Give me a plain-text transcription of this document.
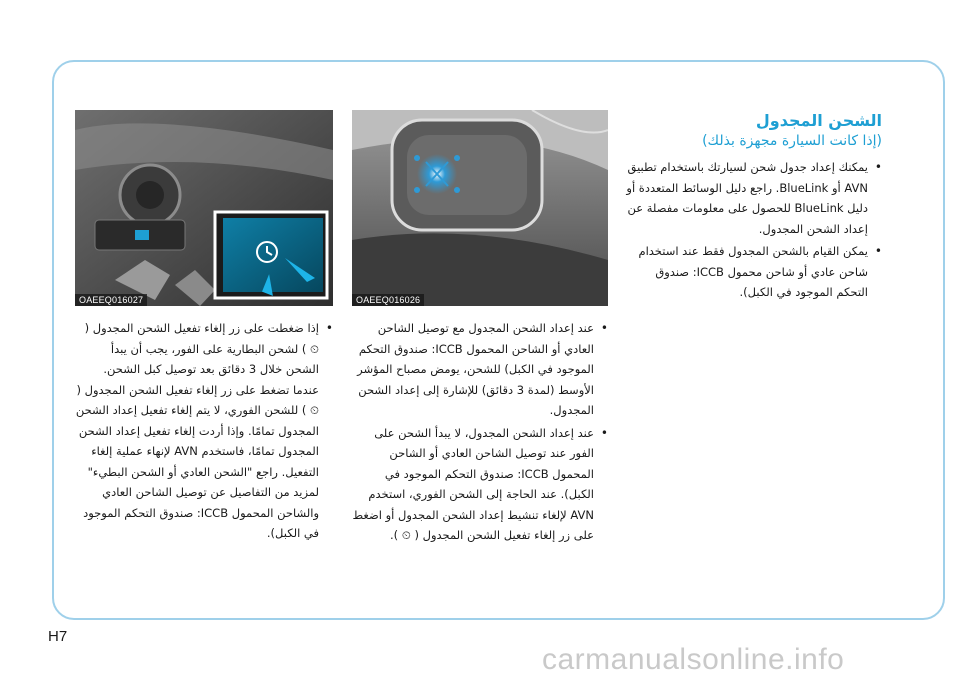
OAEEQ016027	OAEEQ016026
الشحن المجدول
(إذا كانت السيارة مجهزة بذلك)
•
يمكنك إعداد جدول شحن لسيارتك باستخدام تطبيق AVN أو BlueLink. راجع دليل الوسائط المتعددة أو دليل BlueLink للحصول على معلومات مفصلة عن إعداد الشحن المجدول.
•
يمكن القيام بالشحن المجدول فقط عند استخدام شاحن عادي أو شاحن محمول ICCB: صندوق التحكم الموجود في الكبل).
•
عند إعداد الشحن المجدول مع توصيل الشاحن العادي أو الشاحن المحمول ICCB: صندوق التحكم الموجود في الكبل) للشحن، يومض مصباح المؤشر الأوسط (لمدة 3 دقائق) للإشارة إلى إعداد الشحن المجدول.
•
عند إعداد الشحن المجدول، لا يبدأ الشحن على الفور عند توصيل الشاحن العادي أو الشاحن المحمول ICCB: صندوق التحكم الموجود في الكبل). عند الحاجة إلى الشحن الفوري، استخدم AVN لإلغاء تنشيط إعداد الشحن المجدول أو اضغط على زر إلغاء تفعيل الشحن المجدول ( ⏲ ).
•
إذا ضغطت على زر إلغاء تفعيل الشحن المجدول ( ⏲ ) لشحن البطارية على الفور، يجب أن يبدأ الشحن خلال 3 دقائق بعد توصيل كبل الشحن. عندما تضغط على زر إلغاء تفعيل الشحن المجدول ( ⏲ ) للشحن الفوري، لا يتم إلغاء تفعيل إعداد الشحن المجدول تمامًا. وإذا أردت إلغاء تفعيل إعداد الشحن المجدول تمامًا، فاستخدم AVN لإنهاء عملية إلغاء التفعيل. راجع "الشحن العادي أو الشحن البطيء" لمزيد من التفاصيل عن توصيل الشاحن العادي والشاحن المحمول ICCB: صندوق التحكم الموجود في الكبل).
H7
carmanualsonline.info
